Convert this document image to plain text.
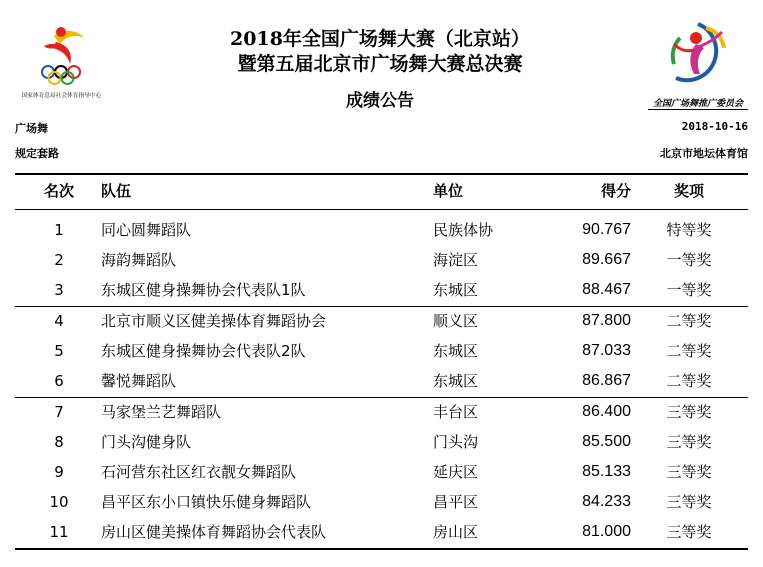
国家体育总局社会体育指导中心
全国广场舞推广委员会
2018年全国广场舞大赛（北京站）
暨第五届北京市广场舞大赛总决赛
成绩公告
广场舞
规定套路
2018-10-16
北京市地坛体育馆
名次	队伍	单位	得分	奖项
1	同心圆舞蹈队	民族体协	90.767	特等奖
2	海韵舞蹈队	海淀区	89.667	一等奖
3	东城区健身操舞协会代表队1队	东城区	88.467	一等奖
4	北京市顺义区健美操体育舞蹈协会	顺义区	87.800	二等奖
5	东城区健身操舞协会代表队2队	东城区	87.033	二等奖
6	馨悦舞蹈队	东城区	86.867	二等奖
7	马家堡兰艺舞蹈队	丰台区	86.400	三等奖
8	门头沟健身队	门头沟	85.500	三等奖
9	石河营东社区红衣靓女舞蹈队	延庆区	85.133	三等奖
10	昌平区东小口镇快乐健身舞蹈队	昌平区	84.233	三等奖
11	房山区健美操体育舞蹈协会代表队	房山区	81.000	三等奖
